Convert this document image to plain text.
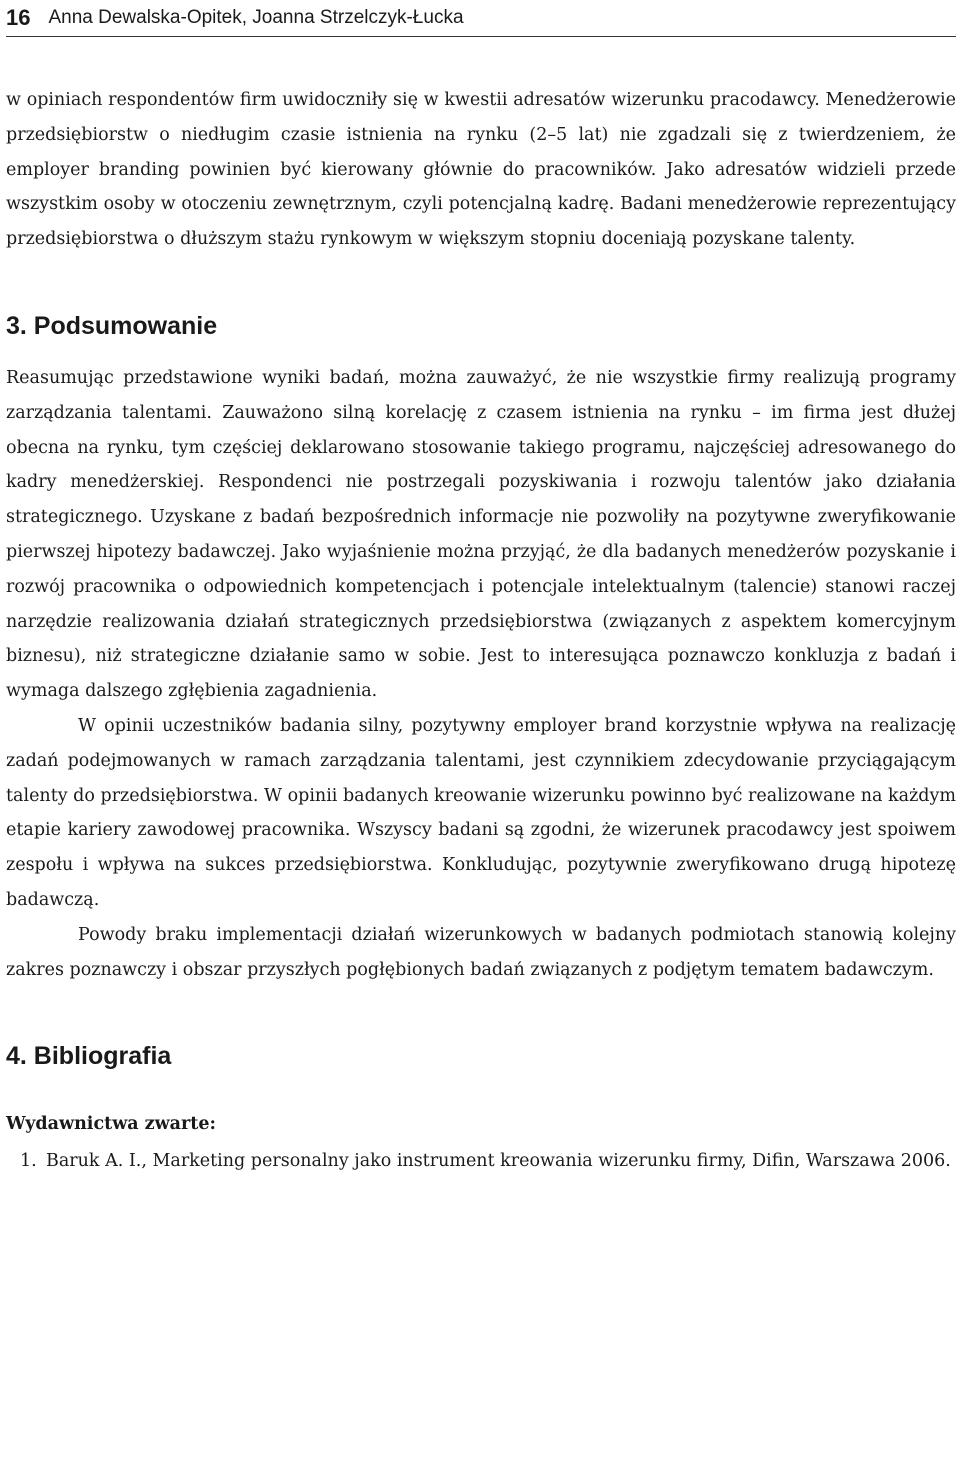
16 Anna Dewalska-Opitek, Joanna Strzelczyk-Łucka

w opiniach respondentów firm uwidoczniły się w kwestii adresatów wizerunku pracodawcy. Menedżerowie przedsiębiorstw o niedługim czasie istnienia na rynku (2–5 lat) nie zgadzali się z twierdzeniem, że employer branding powinien być kierowany głównie do pracowników. Jako adresatów widzieli przede wszystkim osoby w otoczeniu zewnętrznym, czyli potencjalną kadrę. Badani menedżerowie reprezentujący przedsiębiorstwa o dłuższym stażu rynkowym w większym stopniu doceniają pozyskane talenty.

3. Podsumowanie

Reasumując przedstawione wyniki badań, można zauważyć, że nie wszystkie firmy realizują programy zarządzania talentami. Zauważono silną korelację z czasem istnienia na rynku – im firma jest dłużej obecna na rynku, tym częściej deklarowano stosowanie takiego programu, najczęściej adresowanego do kadry menedżerskiej. Respondenci nie postrzegali pozyskiwania i rozwoju talentów jako działania strategicznego. Uzyskane z badań bezpośrednich informacje nie pozwoliły na pozytywne zweryfikowanie pierwszej hipotezy badawczej. Jako wyjaśnienie można przyjąć, że dla badanych menedżerów pozyskanie i rozwój pracownika o odpowiednich kompetencjach i potencjale intelektualnym (talencie) stanowi raczej narzędzie realizowania działań strategicznych przedsiębiorstwa (związanych z aspektem komercyjnym biznesu), niż strategiczne działanie samo w sobie. Jest to interesująca poznawczo konkluzja z badań i wymaga dalszego zgłębienia zagadnienia.

W opinii uczestników badania silny, pozytywny employer brand korzystnie wpływa na realizację zadań podejmowanych w ramach zarządzania talentami, jest czynnikiem zdecydowanie przyciągającym talenty do przedsiębiorstwa. W opinii badanych kreowanie wizerunku powinno być realizowane na każdym etapie kariery zawodowej pracownika. Wszyscy badani są zgodni, że wizerunek pracodawcy jest spoiwem zespołu i wpływa na sukces przedsiębiorstwa. Konkludując, pozytywnie zweryfikowano drugą hipotezę badawczą.

Powody braku implementacji działań wizerunkowych w badanych podmiotach stanowią kolejny zakres poznawczy i obszar przyszłych pogłębionych badań związanych z podjętym tematem badawczym.

4. Bibliografia
Wydawnictwa zwarte:
1. Baruk A. I., Marketing personalny jako instrument kreowania wizerunku firmy, Difin, Warszawa 2006.
